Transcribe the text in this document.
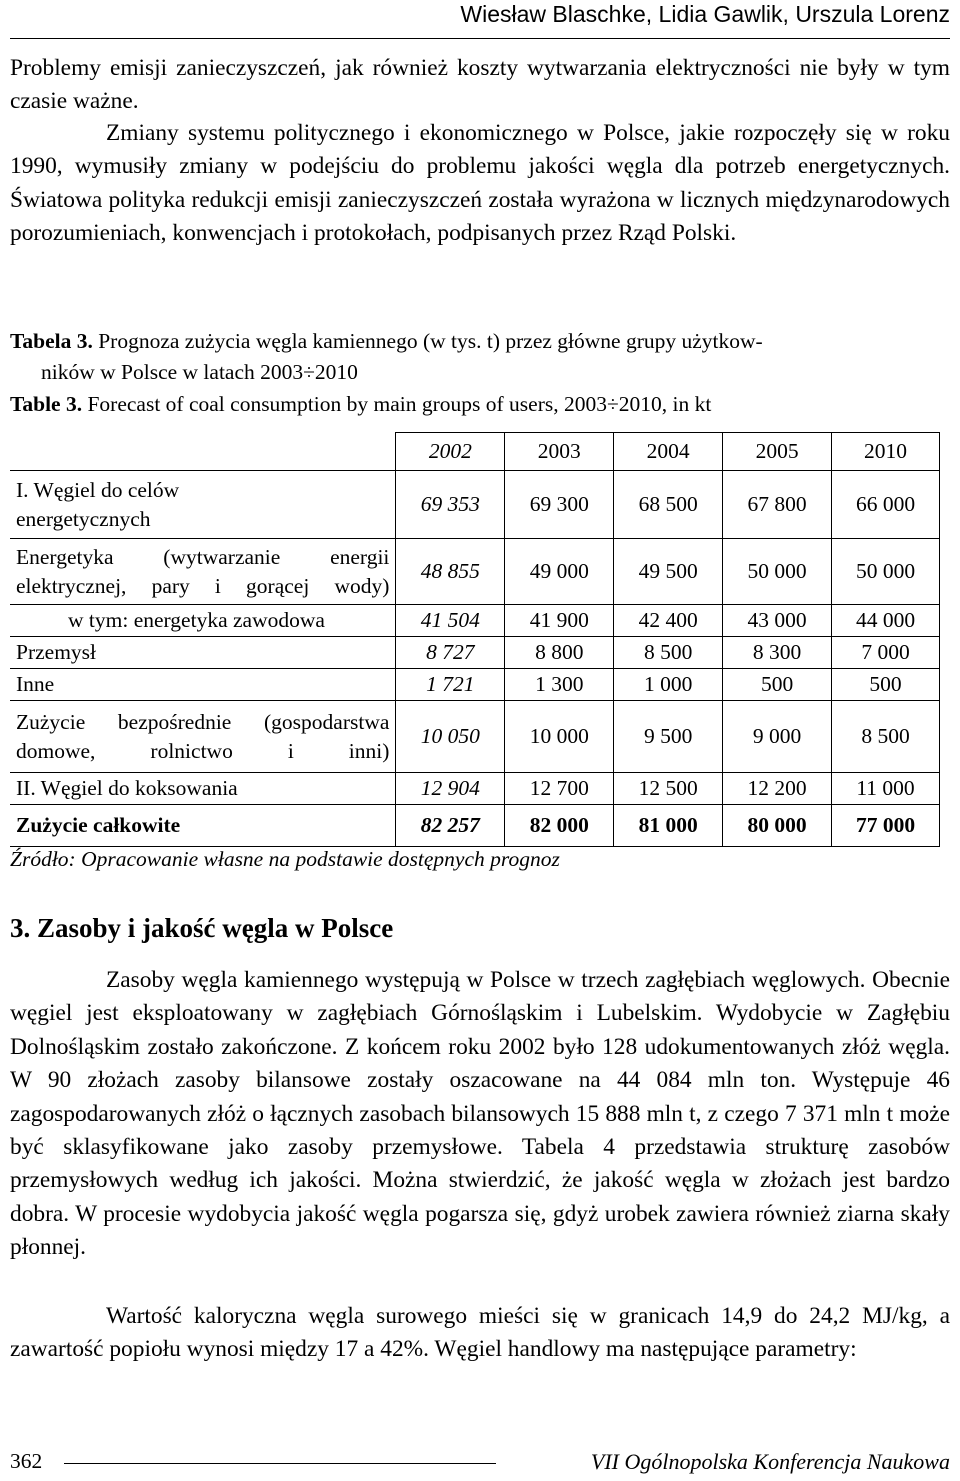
Wiesław Blaschke, Lidia Gawlik, Urszula Lorenz

Problemy emisji zanieczyszczeń, jak również koszty wytwarzania elektryczności nie były w tym czasie ważne.

Zmiany systemu politycznego i ekonomicznego w Polsce, jakie rozpoczęły się w roku 1990, wymusiły zmiany w podejściu do problemu jakości węgla dla potrzeb energetycznych. Światowa polityka redukcji emisji zanieczyszczeń została wyrażona w licznych międzynarodowych porozumieniach, konwencjach i protokołach, podpisanych przez Rząd Polski.

Tabela 3. Prognoza zużycia węgla kamiennego (w tys. t) przez główne grupy użytkow-
ników w Polsce w latach 2003÷2010
Table 3. Forecast of coal consumption by main groups of users, 2003÷2010, in kt
	2002	2003	2004	2005	2010
I. Węgiel do celów energetycznych	69 353	69 300	68 500	67 800	66 000
Energetyka (wytwarzanie energii elektrycznej, pary i gorącej wody)	48 855	49 000	49 500	50 000	50 000
w tym: energetyka zawodowa	41 504	41 900	42 400	43 000	44 000
Przemysł	8 727	8 800	8 500	8 300	7 000
Inne	1 721	1 300	1 000	500	500
Zużycie bezpośrednie (gospodarstwa domowe, rolnictwo i inni)	10 050	10 000	9 500	9 000	8 500
II. Węgiel do koksowania	12 904	12 700	12 500	12 200	11 000
Zużycie całkowite	82 257	82 000	81 000	80 000	77 000
Źródło: Opracowanie własne na podstawie dostępnych prognoz
3. Zasoby i jakość węgla w Polsce

Zasoby węgla kamiennego występują w Polsce w trzech zagłębiach węglowych. Obecnie węgiel jest eksploatowany w zagłębiach Górnośląskim i Lubelskim. Wydobycie w Zagłębiu Dolnośląskim zostało zakończone. Z końcem roku 2002 było 128 udokumentowanych złóż węgla. W 90 złożach zasoby bilansowe zostały oszacowane na 44 084 mln ton. Występuje 46 zagospodarowanych złóż o łącznych zasobach bilansowych 15 888 mln t, z czego 7 371 mln t może być sklasyfikowane jako zasoby przemysłowe. Tabela 4 przedstawia strukturę zasobów przemysłowych według ich jakości. Można stwierdzić, że jakość węgla w złożach jest bardzo dobra. W procesie wydobycia jakość węgla pogarsza się, gdyż urobek zawiera również ziarna skały płonnej.

Wartość kaloryczna węgla surowego mieści się w granicach 14,9 do 24,2 MJ/kg, a zawartość popiołu wynosi między 17 a 42%. Węgiel handlowy ma następujące parametry:

362	VII Ogólnopolska Konferencja Naukowa
